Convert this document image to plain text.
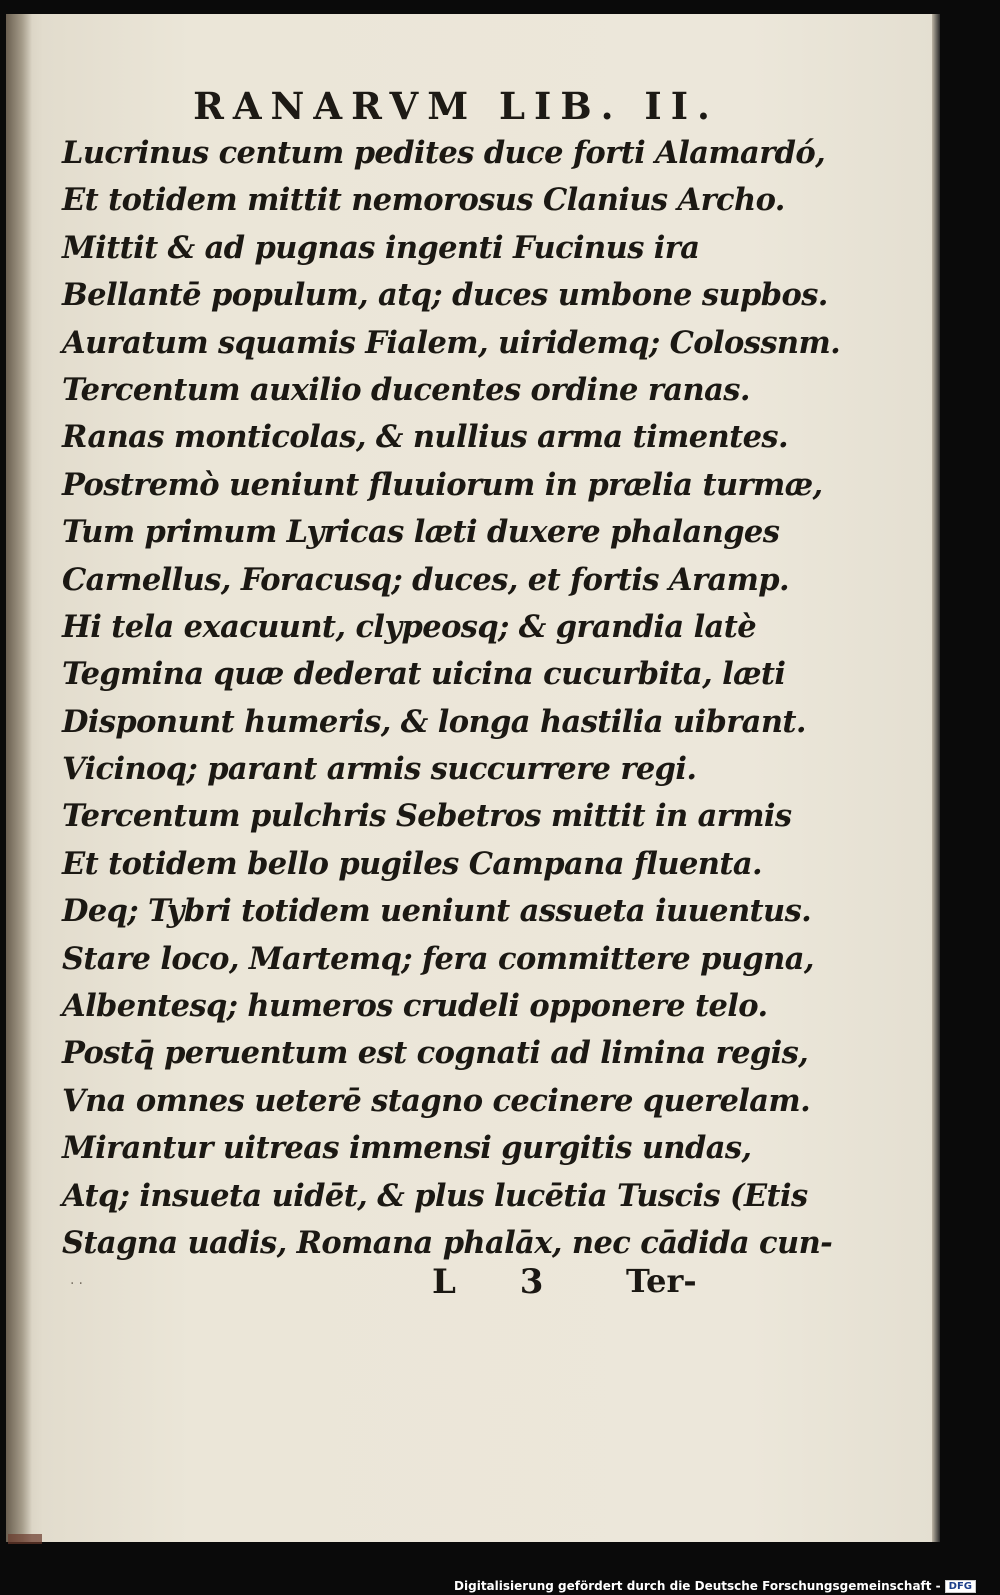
RANARVM LIB. II.
Lucrinus centum pedites duce forti Alamardó,
Et totidem mittit nemorosus Clanius Archo.
Mittit & ad pugnas ingenti Fucinus ira
Bellantē populum, atq; duces umbone supbos.
Auratum squamis Fialem, uiridemq; Colossnm.
Tercentum auxilio ducentes ordine ranas.
Ranas monticolas, & nullius arma timentes.
Postremò ueniunt fluuiorum in prælia turmæ,
Tum primum Lyricas læti duxere phalanges
Carnellus, Foracusq; duces, et fortis Aramp.
Hi tela exacuunt, clypeosq; & grandia latè
Tegmina quæ dederat uicina cucurbita, læti
Disponunt humeris, & longa hastilia uibrant.
Vicinoq; parant armis succurrere regi.
Tercentum pulchris Sebetros mittit in armis
Et totidem bello pugiles Campana fluenta.
Deq; Tybri totidem ueniunt assueta iuuentus.
Stare loco, Martemq; fera committere pugna,
Albentesq; humeros crudeli opponere telo.
Postq̄ peruentum est cognati ad limina regis,
Vna omnes ueterē stagno cecinere querelam.
Mirantur uitreas immensi gurgitis undas,
Atq; insueta uidēt, & plus lucētia Tuscis (Etis
Stagna uadis, Romana phalāx, nec cādida cun-
..	L 3 Ter-
Digitalisierung gefördert durch die Deutsche Forschungsgemeinschaft - DFG
